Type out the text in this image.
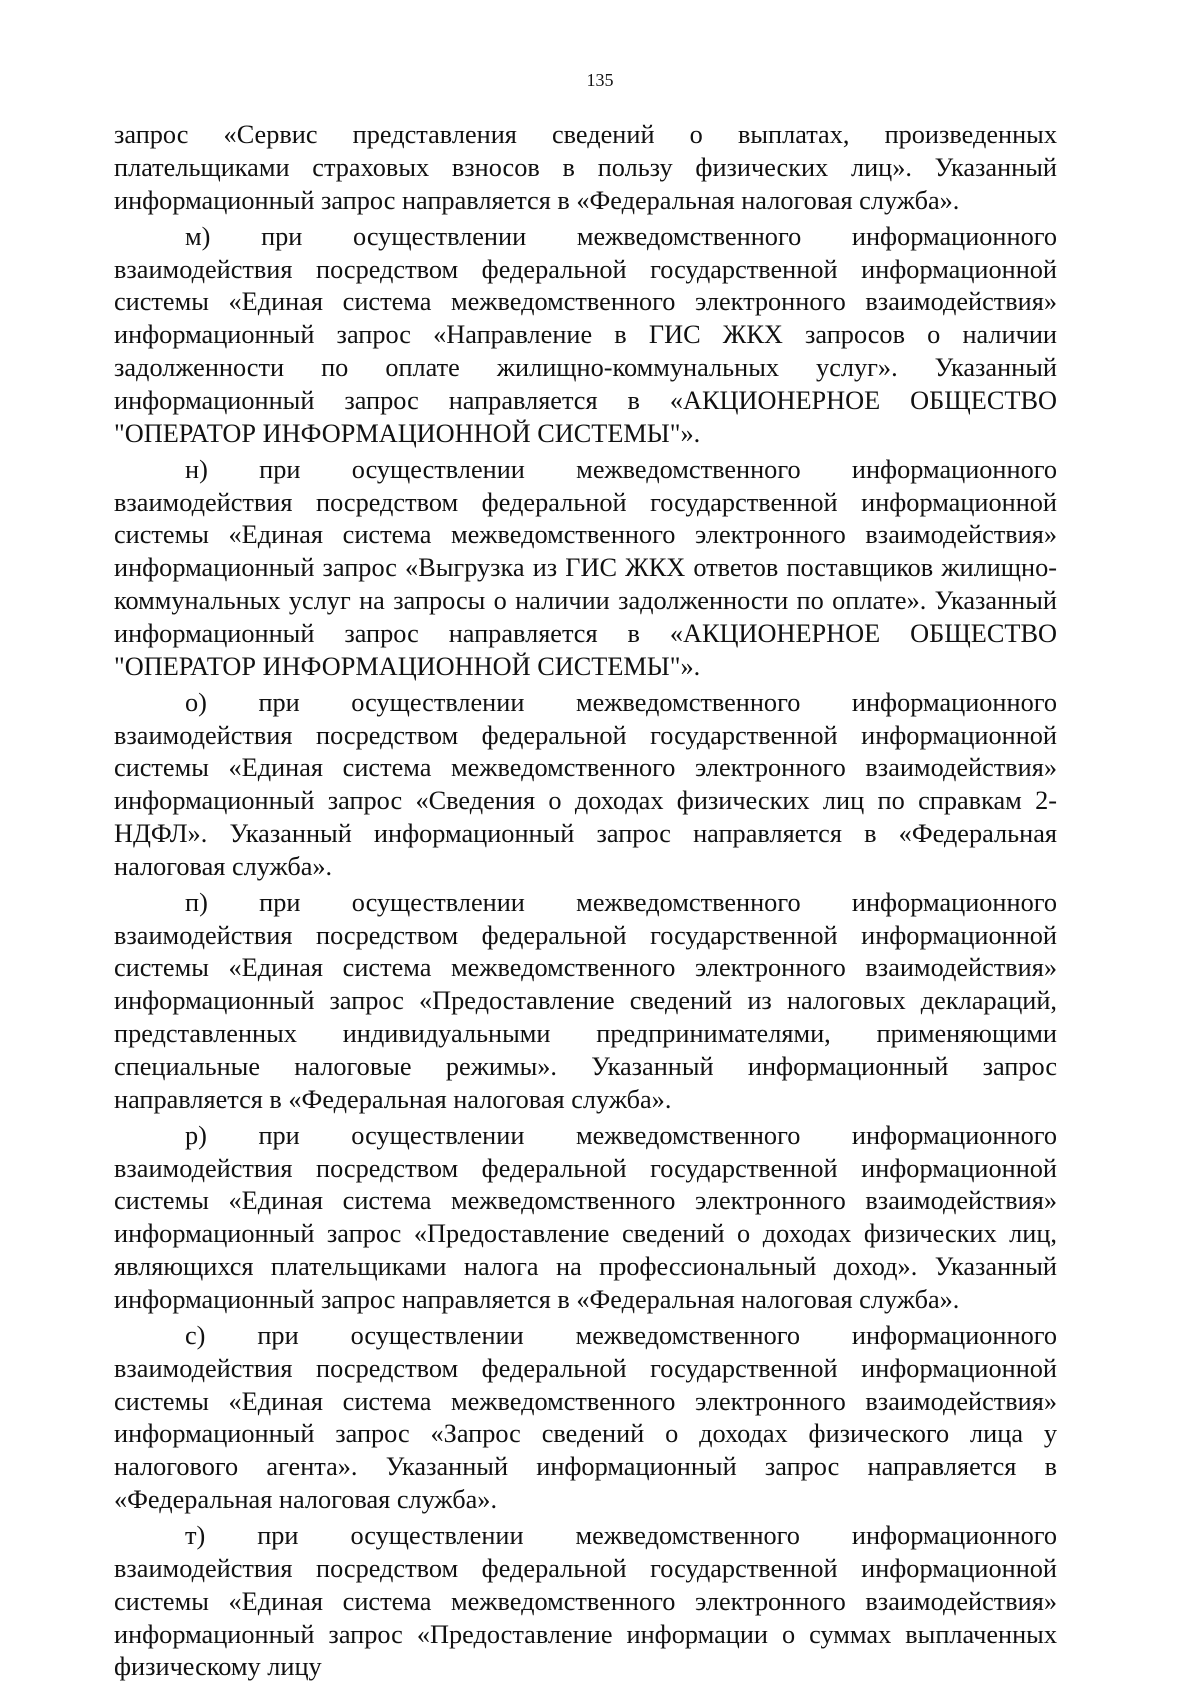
135

запрос «Сервис представления сведений о выплатах, произведенных плательщиками страховых взносов в пользу физических лиц». Указанный информационный запрос направляется в «Федеральная налоговая служба».

м) при осуществлении межведомственного информационного взаимодействия посредством федеральной государственной информационной системы «Единая система межведомственного электронного взаимодействия» информационный запрос «Направление в ГИС ЖКХ запросов о наличии задолженности по оплате жилищно-коммунальных услуг». Указанный информационный запрос направляется в «АКЦИОНЕРНОЕ ОБЩЕСТВО "ОПЕРАТОР ИНФОРМАЦИОННОЙ СИСТЕМЫ"».

н) при осуществлении межведомственного информационного взаимодействия посредством федеральной государственной информационной системы «Единая система межведомственного электронного взаимодействия» информационный запрос «Выгрузка из ГИС ЖКХ ответов поставщиков жилищно-коммунальных услуг на запросы о наличии задолженности по оплате». Указанный информационный запрос направляется в «АКЦИОНЕРНОЕ ОБЩЕСТВО "ОПЕРАТОР ИНФОРМАЦИОННОЙ СИСТЕМЫ"».

о) при осуществлении межведомственного информационного взаимодействия посредством федеральной государственной информационной системы «Единая система межведомственного электронного взаимодействия» информационный запрос «Сведения о доходах физических лиц по справкам 2-НДФЛ». Указанный информационный запрос направляется в «Федеральная налоговая служба».

п) при осуществлении межведомственного информационного взаимодействия посредством федеральной государственной информационной системы «Единая система межведомственного электронного взаимодействия» информационный запрос «Предоставление сведений из налоговых деклараций, представленных индивидуальными предпринимателями, применяющими специальные налоговые режимы». Указанный информационный запрос направляется в «Федеральная налоговая служба».

р) при осуществлении межведомственного информационного взаимодействия посредством федеральной государственной информационной системы «Единая система межведомственного электронного взаимодействия» информационный запрос «Предоставление сведений о доходах физических лиц, являющихся плательщиками налога на профессиональный доход». Указанный информационный запрос направляется в «Федеральная налоговая служба».

с) при осуществлении межведомственного информационного взаимодействия посредством федеральной государственной информационной системы «Единая система межведомственного электронного взаимодействия» информационный запрос «Запрос сведений о доходах физического лица у налогового агента». Указанный информационный запрос направляется в «Федеральная налоговая служба».

т) при осуществлении межведомственного информационного взаимодействия посредством федеральной государственной информационной системы «Единая система межведомственного электронного взаимодействия» информационный запрос «Предоставление информации о суммах выплаченных физическому лицу
